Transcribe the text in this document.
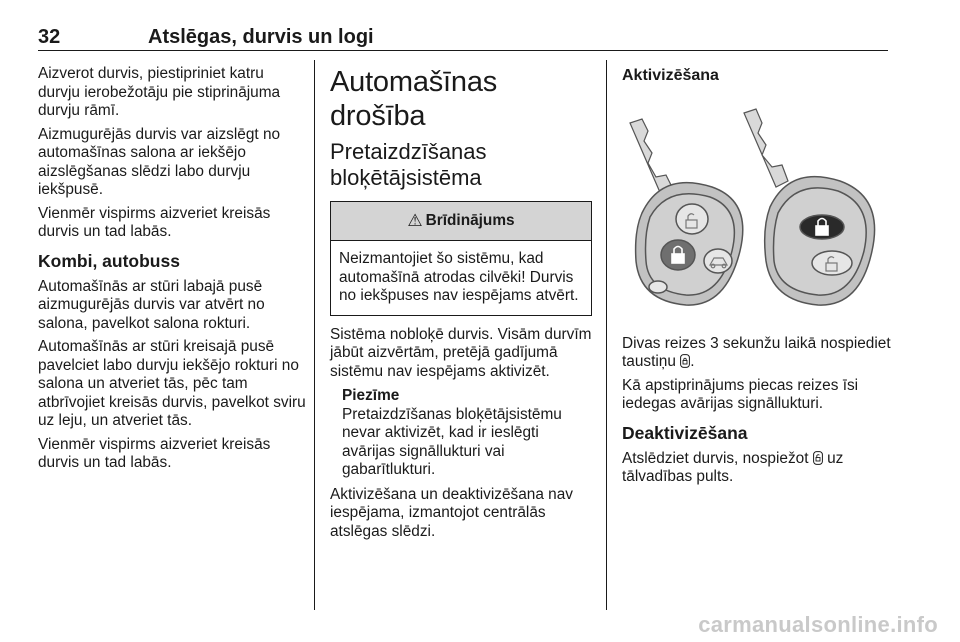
32	Atslēgas, durvis un logi

Aizverot durvis, piestipriniet katru durvju ierobežotāju pie stiprinājuma durvju rāmī.

Aizmugurējās durvis var aizslēgt no automašīnas salona ar iekšējo aizslēgšanas slēdzi labo durvju iekšpusē.

Vienmēr vispirms aizveriet kreisās durvis un tad labās.

Kombi, autobuss

Automašīnās ar stūri labajā pusē aizmugurējās durvis var atvērt no salona, pavelkot salona rokturi.

Automašīnās ar stūri kreisajā pusē pavelciet labo durvju iekšējo rokturi no salona un atveriet tās, pēc tam atbrīvojiet kreisās durvis, pavelkot sviru uz leju, un atveriet tās.

Vienmēr vispirms aizveriet kreisās durvis un tad labās.

Automašīnas drošība
Pretaizdzīšanas bloķētājsistēma
⚠ Brīdinājums
Neizmantojiet šo sistēmu, kad automašīnā atrodas cilvēki! Durvis no iekšpuses nav iespējams atvērt.

Sistēma nobloķē durvis. Visām durvīm jābūt aizvērtām, pretējā gadījumā sistēmu nav iespējams aktivizēt.

Piezīme
Pretaizdzīšanas bloķētājsistēmu nevar aktivizēt, kad ir ieslēgti avārijas signāllukturi vai gabarītlukturi.

Aktivizēšana un deaktivizēšana nav iespējama, izmantojot centrālās atslēgas slēdzi.

Aktivizēšana

Divas reizes 3 sekunžu laikā nospiediet taustiņu .

Kā apstiprinājums piecas reizes īsi iedegas avārijas signāllukturi.

Deaktivizēšana

Atslēdziet durvis, nospiežot uz tālvadības pults.

carmanualsonline.info
